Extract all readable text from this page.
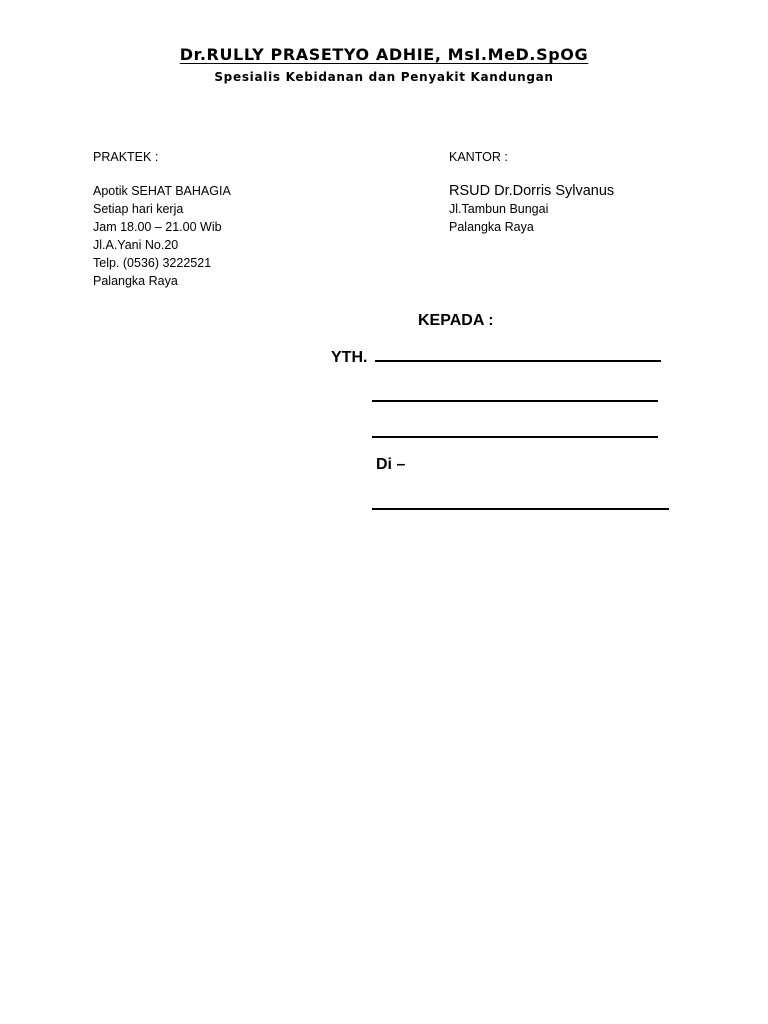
Dr.RULLY PRASETYO ADHIE, MsI.MeD.SpOG
Spesialis Kebidanan dan Penyakit Kandungan
PRAKTEK :
Apotik SEHAT BAHAGIA
Setiap hari kerja
Jam 18.00 – 21.00 Wib
Jl.A.Yani No.20
Telp. (0536) 3222521
Palangka Raya
KANTOR :
RSUD Dr.Dorris Sylvanus
Jl.Tambun Bungai
Palangka Raya
KEPADA :
YTH.
Di –
